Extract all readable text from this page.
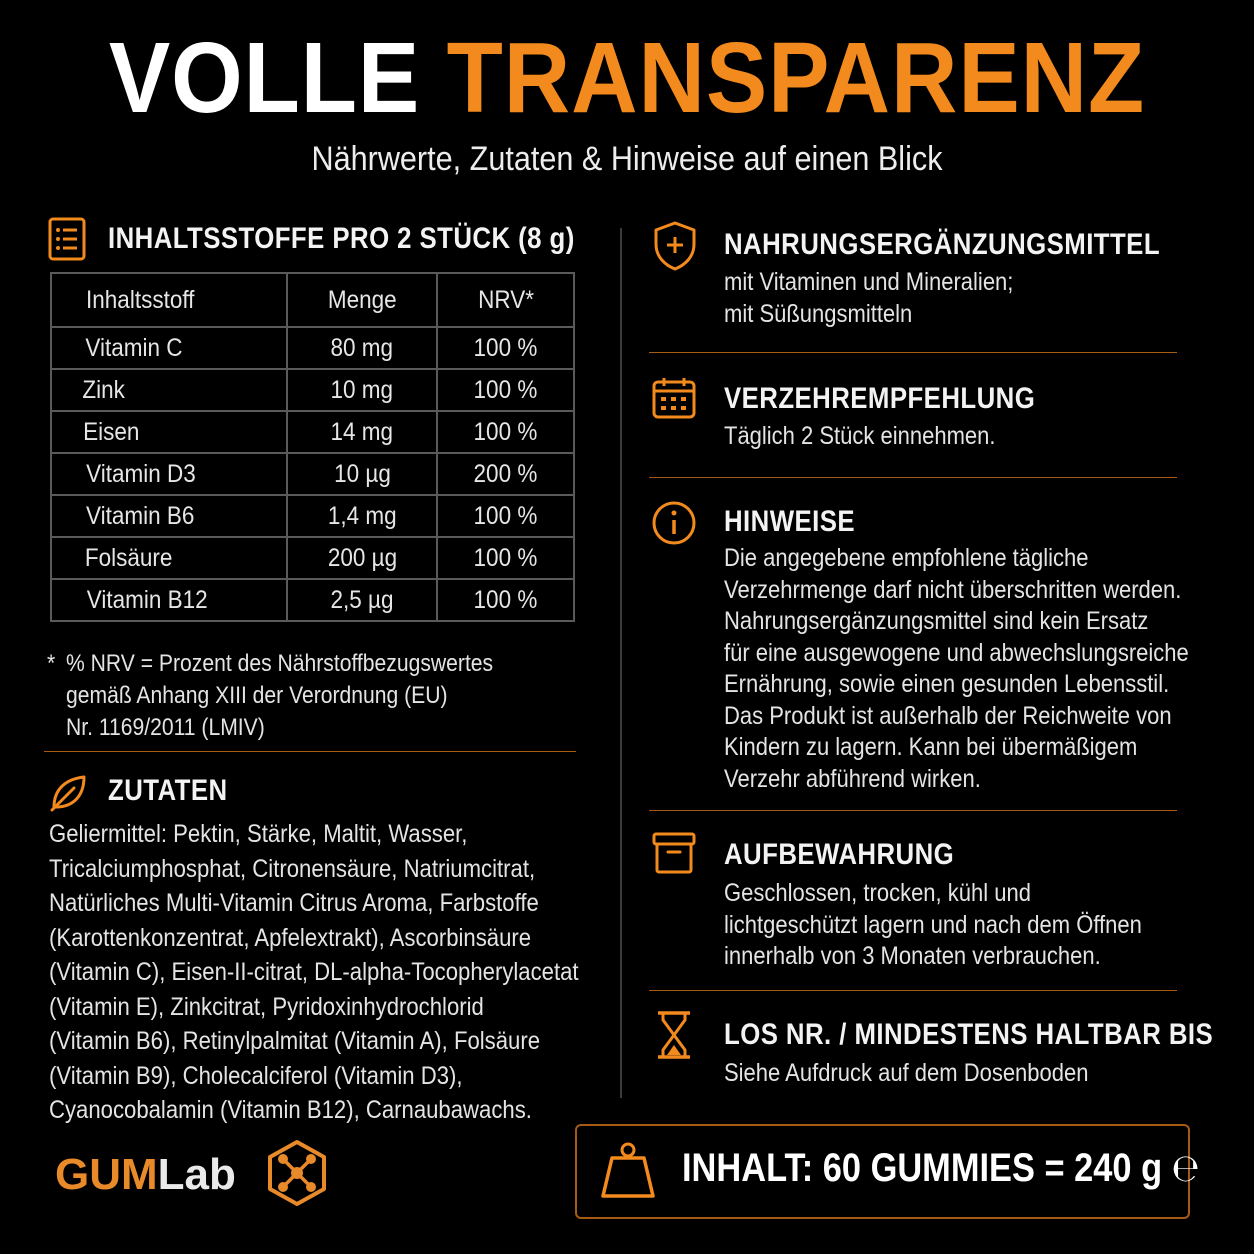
VOLLE TRANSPARENZ
Nährwerte, Zutaten & Hinweise auf einen Blick
INHALTSSTOFFE PRO 2 STÜCK (8 g)
Inhaltsstoff	Menge	NRV*
Vitamin C	80 mg	100 %
Zink	10 mg	100 %
Eisen	14 mg	100 %
Vitamin D3	10 µg	200 %
Vitamin B6	1,4 mg	100 %
Folsäure	200 µg	100 %
Vitamin B12	2,5 µg	100 %
* % NRV = Prozent des Nährstoffbezugswertes
gemäß Anhang XIII der Verordnung (EU)
Nr. 1169/2011 (LMIV)
ZUTATEN
Geliermittel: Pektin, Stärke, Maltit, Wasser,
Tricalciumphosphat, Citronensäure, Natriumcitrat,
Natürliches Multi-Vitamin Citrus Aroma, Farbstoffe
(Karottenkonzentrat, Apfelextrakt), Ascorbinsäure
(Vitamin C), Eisen-II-citrat, DL-alpha-Tocopherylacetat
(Vitamin E), Zinkcitrat, Pyridoxinhydrochlorid
(Vitamin B6), Retinylpalmitat (Vitamin A), Folsäure
(Vitamin B9), Cholecalciferol (Vitamin D3),
Cyanocobalamin (Vitamin B12), Carnaubawachs.
NAHRUNGSERGÄNZUNGSMITTEL
mit Vitaminen und Mineralien;
mit Süßungsmitteln
VERZEHREMPFEHLUNG
Täglich 2 Stück einnehmen.
HINWEISE
Die angegebene empfohlene tägliche
Verzehrmenge darf nicht überschritten werden.
Nahrungsergänzungsmittel sind kein Ersatz
für eine ausgewogene und abwechslungsreiche
Ernährung, sowie einen gesunden Lebensstil.
Das Produkt ist außerhalb der Reichweite von
Kindern zu lagern. Kann bei übermäßigem
Verzehr abführend wirken.
AUFBEWAHRUNG
Geschlossen, trocken, kühl und
lichtgeschützt lagern und nach dem Öffnen
innerhalb von 3 Monaten verbrauchen.
LOS NR. / MINDESTENS HALTBAR BIS
Siehe Aufdruck auf dem Dosenboden
INHALT: 60 GUMMIES = 240 g ℮
GUMLab
